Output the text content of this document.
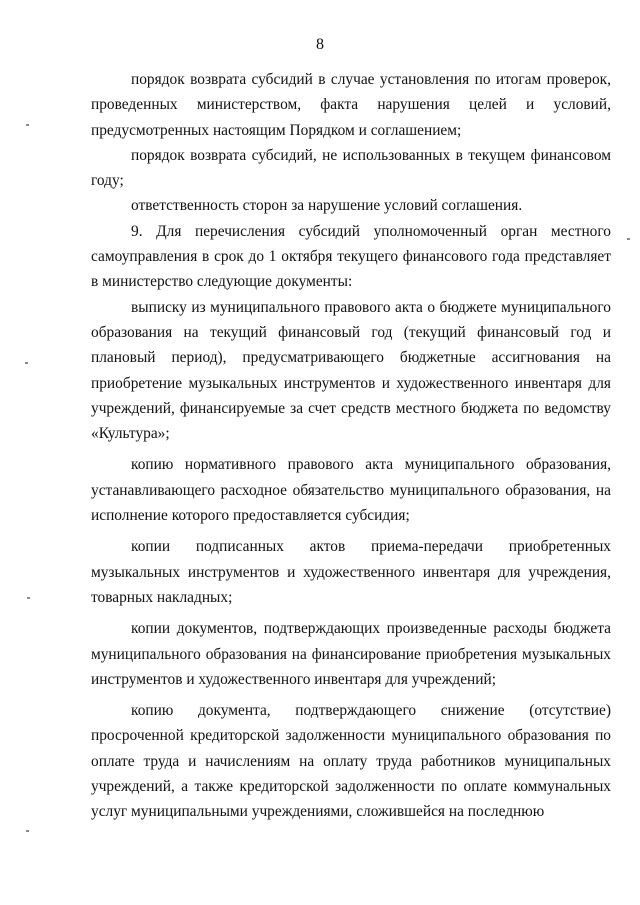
8

порядок возврата субсидий в случае установления по итогам проверок, проведенных министерством, факта нарушения целей и условий, предусмотренных настоящим Порядком и соглашением;

порядок возврата субсидий, не использованных в текущем финансовом году;

ответственность сторон за нарушение условий соглашения.

9. Для перечисления субсидий уполномоченный орган местного самоуправления в срок до 1 октября текущего финансового года представляет в министерство следующие документы:

выписку из муниципального правового акта о бюджете муниципального образования на текущий финансовый год (текущий финансовый год и плановый период), предусматривающего бюджетные ассигнования на приобретение музыкальных инструментов и художественного инвентаря для учреждений, финансируемые за счет средств местного бюджета по ведомству «Культура»;

копию нормативного правового акта муниципального образования, устанавливающего расходное обязательство муниципального образования, на исполнение которого предоставляется субсидия;

копии подписанных актов приема-передачи приобретенных музыкальных инструментов и художественного инвентаря для учреждения, товарных накладных;

копии документов, подтверждающих произведенные расходы бюджета муниципального образования на финансирование приобретения музыкальных инструментов и художественного инвентаря для учреждений;

копию документа, подтверждающего снижение (отсутствие) просроченной кредиторской задолженности муниципального образования по оплате труда и начислениям на оплату труда работников муниципальных учреждений, а также кредиторской задолженности по оплате коммунальных услуг муниципальными учреждениями, сложившейся на последнюю
